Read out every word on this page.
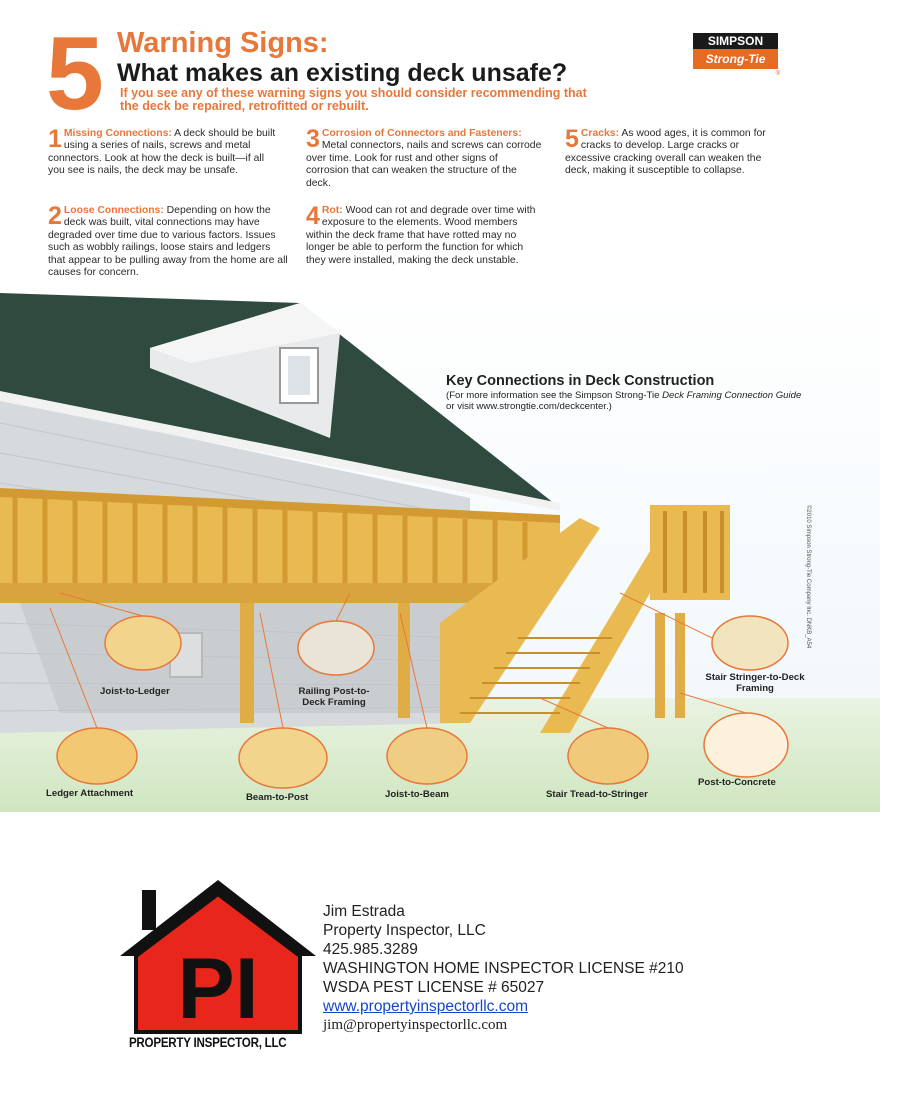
5 Warning Signs:
What makes an existing deck unsafe?
If you see any of these warning signs you should consider recommending that the deck be repaired, retrofitted or rebuilt.
SIMPSON
Strong-Tie
®
1 Missing Connections: A deck should be built using a series of nails, screws and metal connectors. Look at how the deck is built—if all you see is nails, the deck may be unsafe.
2 Loose Connections: Depending on how the deck was built, vital connections may have degraded over time due to various factors. Issues such as wobbly railings, loose stairs and ledgers that appear to be pulling away from the home are all causes for concern.
3 Corrosion of Connectors and Fasteners: Metal connectors, nails and screws can corrode over time. Look for rust and other signs of corrosion that can weaken the structure of the deck.
4 Rot: Wood can rot and degrade over time with exposure to the elements. Wood members within the deck frame that have rotted may no longer be able to perform the function for which they were installed, making the deck unstable.
5 Cracks: As wood ages, it is common for cracks to develop. Large cracks or excessive cracking overall can weaken the deck, making it susceptible to collapse.
Key Connections in Deck Construction
(For more information see the Simpson Strong-Tie Deck Framing Connection Guide or visit www.strongtie.com/deckcenter.)
Joist-to-Ledger	Railing Post-to-Deck Framing
Stair Stringer-to-Deck Framing
Ledger Attachment	Beam-to-Post	Joist-to-Beam	Stair Tread-to-Stringer
Post-to-Concrete
©2010 Simpson Strong-Tie Company Inc. DNKB_A54
PI
PROPERTY INSPECTOR, LLC
Jim Estrada
Property Inspector, LLC
425.985.3289
WASHINGTON HOME INSPECTOR LICENSE #210
WSDA PEST LICENSE # 65027
www.propertyinspectorllc.com
jim@propertyinspectorllc.com
